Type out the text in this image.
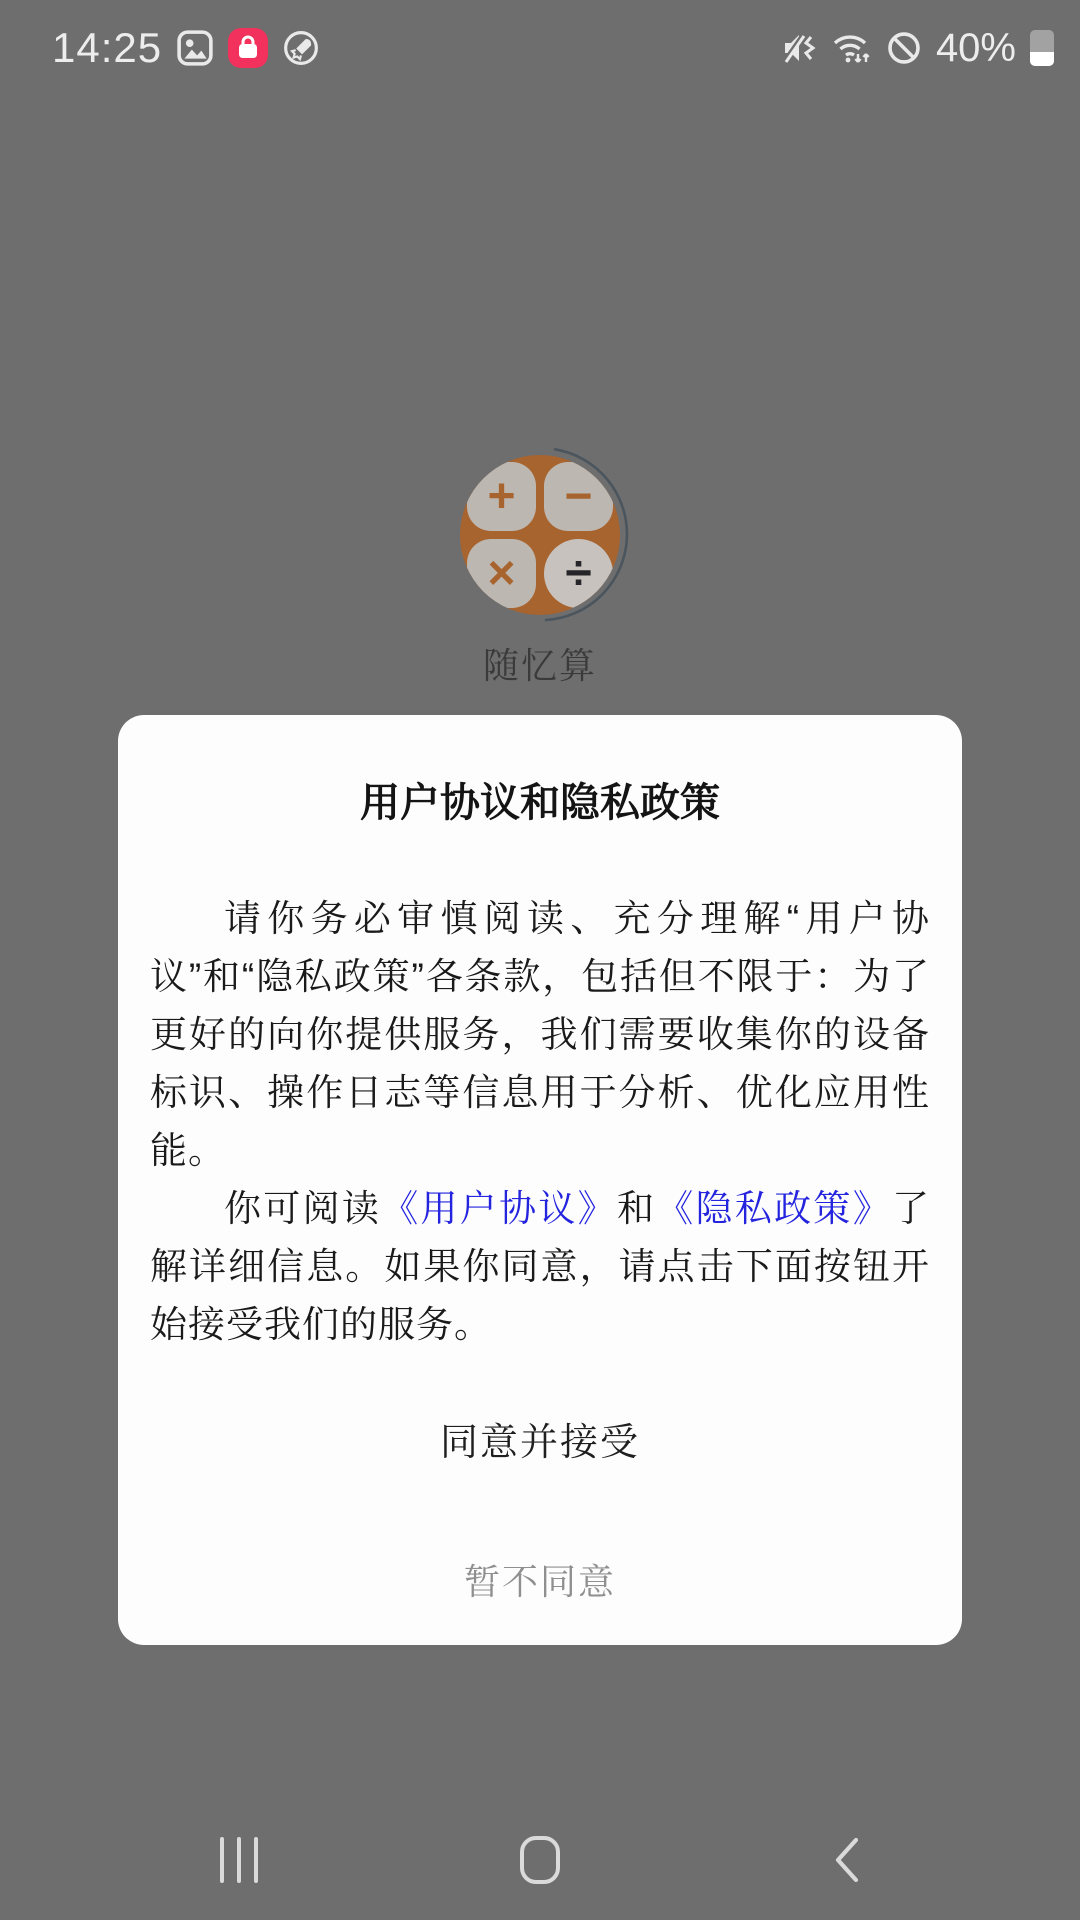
14:25	40%
+	−
×	÷
随忆算
用户协议和隐私政策

请你务必审慎阅读、充分理解“用户协议”和“隐私政策”各条款，包括但不限于：为了更好的向你提供服务，我们需要收集你的设备标识、操作日志等信息用于分析、优化应用性能。

你可阅读《用户协议》和《隐私政策》了解详细信息。如果你同意，请点击下面按钮开始接受我们的服务。

同意并接受
暂不同意
